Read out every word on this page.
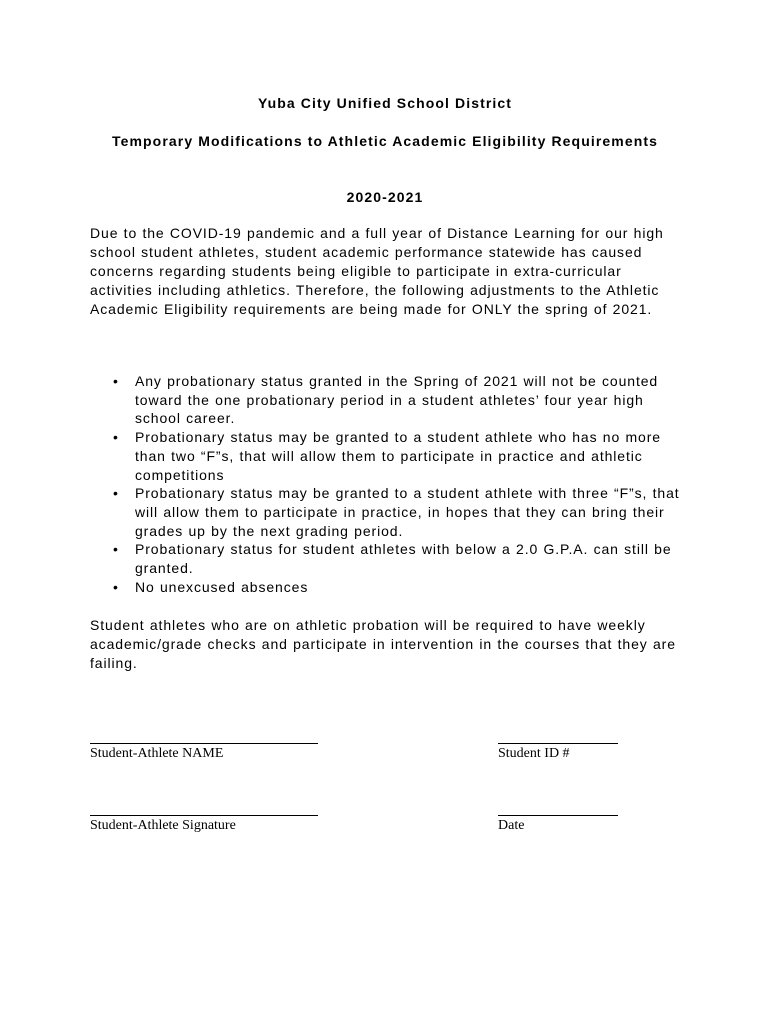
Yuba City Unified School District
Temporary Modifications to Athletic Academic Eligibility Requirements
2020-2021
Due to the COVID-19 pandemic and a full year of Distance Learning for our high school student athletes, student academic performance statewide has caused concerns regarding students being eligible to participate in extra-curricular activities including athletics. Therefore, the following adjustments to the Athletic Academic Eligibility requirements are being made for ONLY the spring of 2021.
• Any probationary status granted in the Spring of 2021 will not be counted toward the one probationary period in a student athletes’ four year high school career.
• Probationary status may be granted to a student athlete who has no more than two “F”s, that will allow them to participate in practice and athletic competitions
• Probationary status may be granted to a student athlete with three “F”s, that will allow them to participate in practice, in hopes that they can bring their grades up by the next grading period.
• Probationary status for student athletes with below a 2.0 G.P.A. can still be granted.
• No unexcused absences
Student athletes who are on athletic probation will be required to have weekly academic/grade checks and participate in intervention in the courses that they are failing.
Student-Athlete NAME	Student ID #
Student-Athlete Signature	Date
